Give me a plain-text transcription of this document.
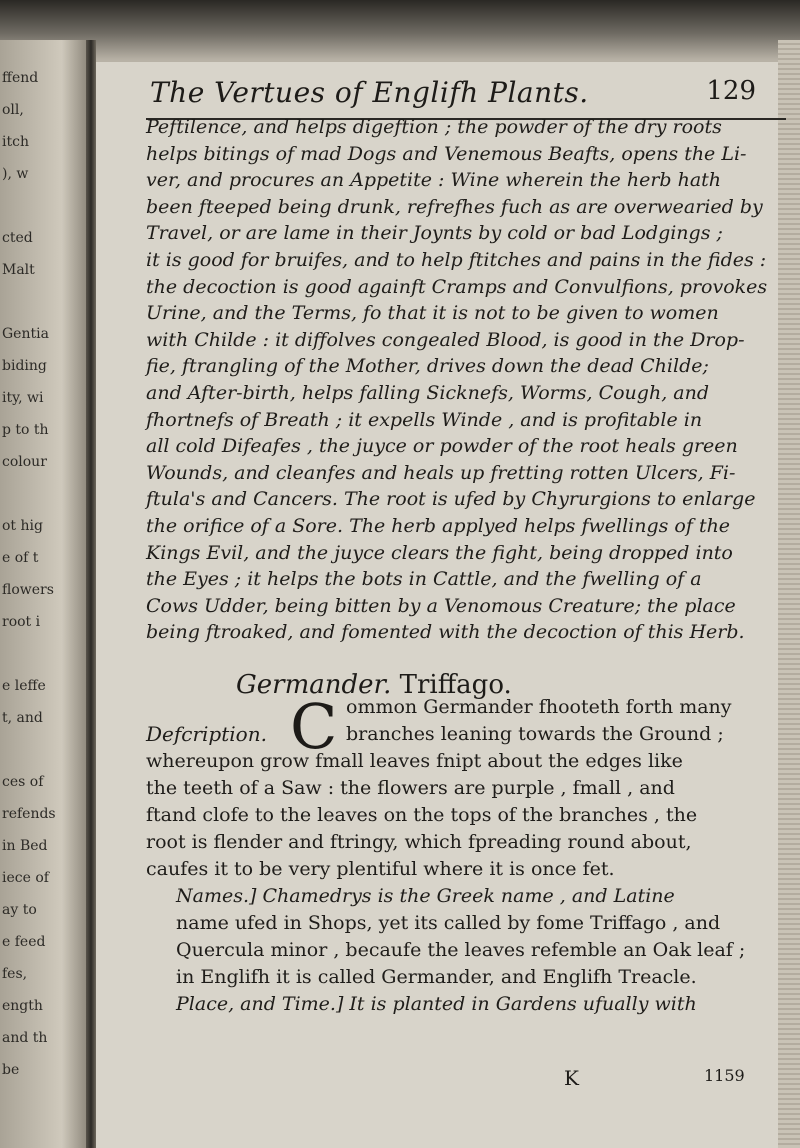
ffend
oll,
itch
), w
cted
Malt
Gentia
biding
ity, wi
p to th
colour
ot hig
e of t
flowers
root i
e leffe
t, and
ces of
refends
in Bed
iece of
ay to
e feed
fes,
ength
and th
be
The Vertues of Englifh Plants.	129
Peftilence, and helps digeftion ; the powder of the dry roots
helps bitings of mad Dogs and Venemous Beafts, opens the Li-
ver, and procures an Appetite : Wine wherein the herb hath
been fteeped being drunk, refrefhes fuch as are overwearied by
Travel, or are lame in their Joynts by cold or bad Lodgings ;
it is good for bruifes, and to help ftitches and pains in the fides :
the decoction is good againft Cramps and Convulfions, provokes
Urine, and the Terms, fo that it is not to be given to women
with Childe : it diffolves congealed Blood, is good in the Drop-
fie, ftrangling of the Mother, drives down the dead Childe;
and After-birth, helps falling Sicknefs, Worms, Cough, and
fhortnefs of Breath ; it expells Winde , and is profitable in
all cold Difeafes , the juyce or powder of the root heals green
Wounds, and cleanfes and heals up fretting rotten Ulcers, Fi-
ftula's and Cancers. The root is ufed by Chyrurgions to enlarge
the orifice of a Sore. The herb applyed helps fwellings of the
Kings Evil, and the juyce clears the fight, being dropped into
the Eyes ; it helps the bots in Cattle, and the fwelling of a
Cows Udder, being bitten by a Venomous Creature; the place
being ftroaked, and fomented with the decoction of this Herb.
Germander. Triffago.
ommon Germander fhooteth forth many
branches leaning towards the Ground ;
whereupon grow fmall leaves fnipt about the edges like
the teeth of a Saw : the flowers are purple , fmall , and
ftand clofe to the leaves on the tops of the branches , the
root is flender and ftringy, which fpreading round about,
caufes it to be very plentiful where it is once fet.
Names.] Chamedrys is the Greek name , and Latine
name ufed in Shops, yet its called by fome Triffago , and
Quercula minor , becaufe the leaves refemble an Oak leaf ;
in Englifh it is called Germander, and Englifh Treacle.
Place, and Time.] It is planted in Gardens ufually with
Defcription. C
K	1159
